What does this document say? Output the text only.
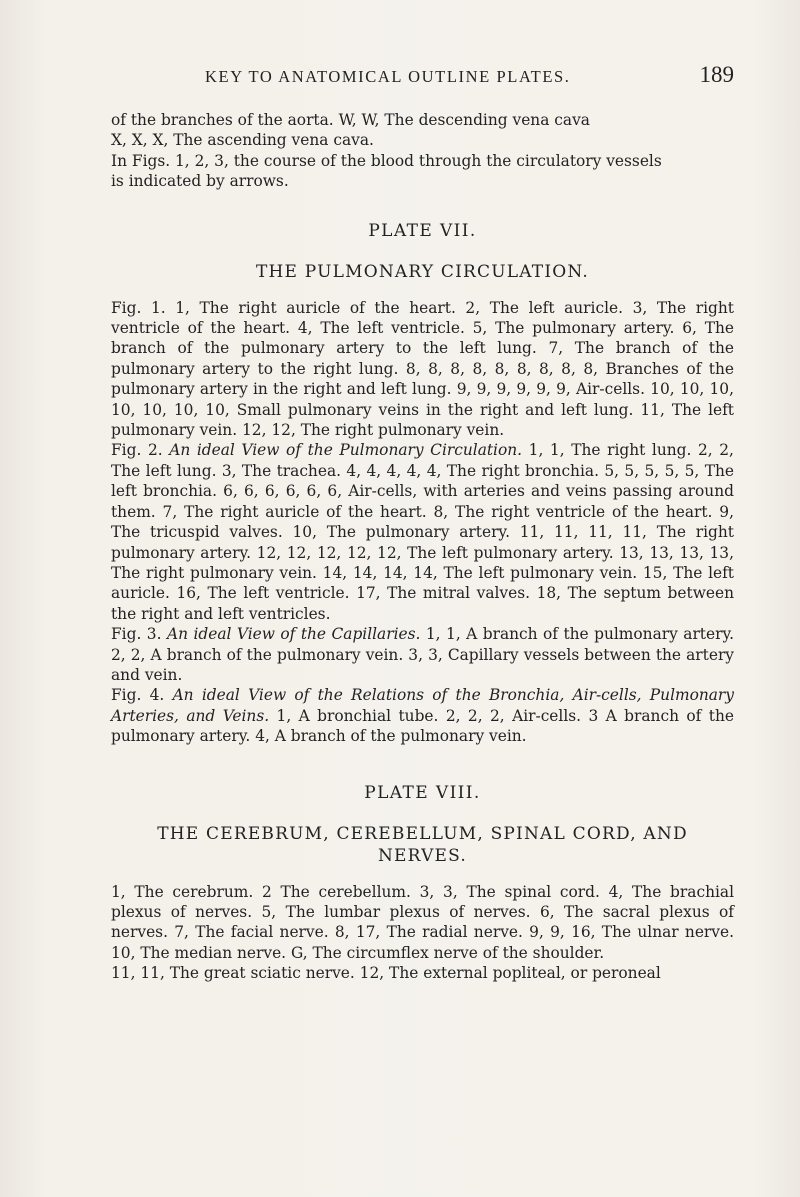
KEY TO ANATOMICAL OUTLINE PLATES.	189

of the branches of the aorta. W, W, The descending vena cava
X, X, X, The ascending vena cava.
In Figs. 1, 2, 3, the course of the blood through the circulatory vessels
is indicated by arrows.

PLATE VII.
THE PULMONARY CIRCULATION.

Fig. 1. 1, The right auricle of the heart. 2, The left auricle. 3, The right ventricle of the heart. 4, The left ventricle. 5, The pulmonary artery. 6, The branch of the pulmonary artery to the left lung. 7, The branch of the pulmonary artery to the right lung. 8, 8, 8, 8, 8, 8, 8, 8, 8, Branches of the pulmonary artery in the right and left lung. 9, 9, 9, 9, 9, 9, Air-cells. 10, 10, 10, 10, 10, 10, 10, Small pulmonary veins in the right and left lung. 11, The left pulmonary vein. 12, 12, The right pulmonary vein.

Fig. 2. An ideal View of the Pulmonary Circulation. 1, 1, The right lung. 2, 2, The left lung. 3, The trachea. 4, 4, 4, 4, 4, The right bronchia. 5, 5, 5, 5, 5, The left bronchia. 6, 6, 6, 6, 6, 6, Air-cells, with arteries and veins passing around them. 7, The right auricle of the heart. 8, The right ventricle of the heart. 9, The tricuspid valves. 10, The pulmonary artery. 11, 11, 11, 11, The right pulmonary artery. 12, 12, 12, 12, 12, The left pulmonary artery. 13, 13, 13, 13, The right pulmonary vein. 14, 14, 14, 14, The left pulmonary vein. 15, The left auricle. 16, The left ventricle. 17, The mitral valves. 18, The septum between the right and left ventricles.

Fig. 3. An ideal View of the Capillaries. 1, 1, A branch of the pulmonary artery. 2, 2, A branch of the pulmonary vein. 3, 3, Capillary vessels between the artery and vein.

Fig. 4. An ideal View of the Relations of the Bronchia, Air-cells, Pulmonary Arteries, and Veins. 1, A bronchial tube. 2, 2, 2, Air-cells. 3 A branch of the pulmonary artery. 4, A branch of the pulmonary vein.

PLATE VIII.
THE CEREBRUM, CEREBELLUM, SPINAL CORD, AND
NERVES.

1, The cerebrum. 2 The cerebellum. 3, 3, The spinal cord. 4, The brachial plexus of nerves. 5, The lumbar plexus of nerves. 6, The sacral plexus of nerves. 7, The facial nerve. 8, 17, The radial nerve. 9, 9, 16, The ulnar nerve. 10, The median nerve. G, The circumflex nerve of the shoulder.

11, 11, The great sciatic nerve. 12, The external popliteal, or peroneal
